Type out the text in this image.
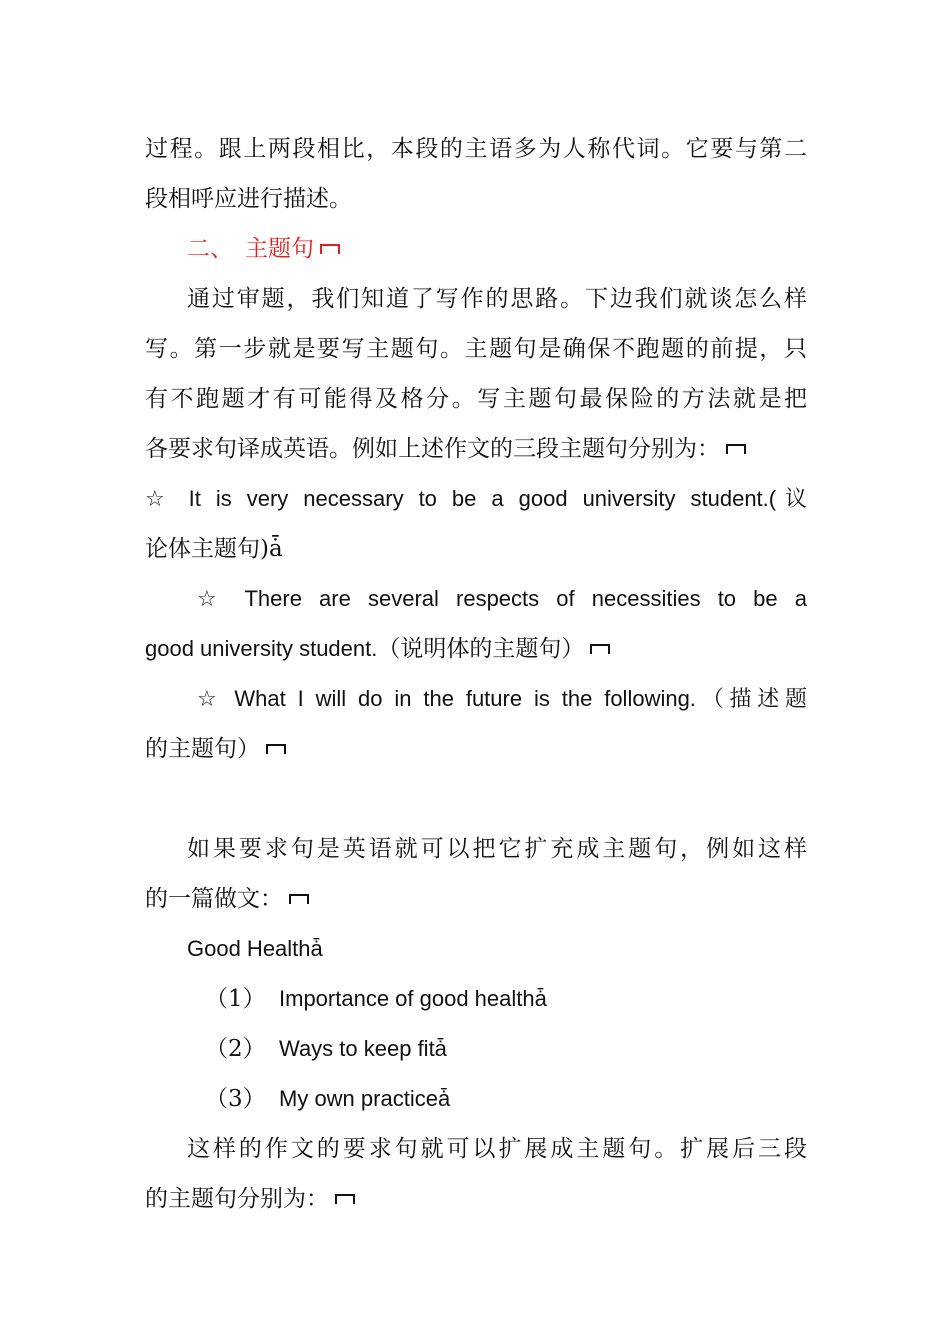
过程。跟上两段相比，本段的主语多为人称代词。它要与第二
段相呼应进行描述。
二、 主题句
通过审题，我们知道了写作的思路。下边我们就谈怎么样
写。第一步就是要写主题句。主题句是确保不跑题的前提，只
有不跑题才有可能得及格分。写主题句最保险的方法就是把
各要求句译成英语。例如上述作文的三段主题句分别为：
☆ It is very necessary to be a good university student.(议
论体主题句)ǡ
☆ There are several respects of necessities to be a
good university student. （说明体的主题句）
☆ What I will do in the future is the following.（描述题
的主题句）
如果要求句是英语就可以把它扩充成主题句，例如这样
的一篇做文：
Good Healthǡ
（1） Importance of good healthǡ
（2） Ways to keep fitǡ
（3） My own practiceǡ
这样的作文的要求句就可以扩展成主题句。扩展后三段
的主题句分别为：
